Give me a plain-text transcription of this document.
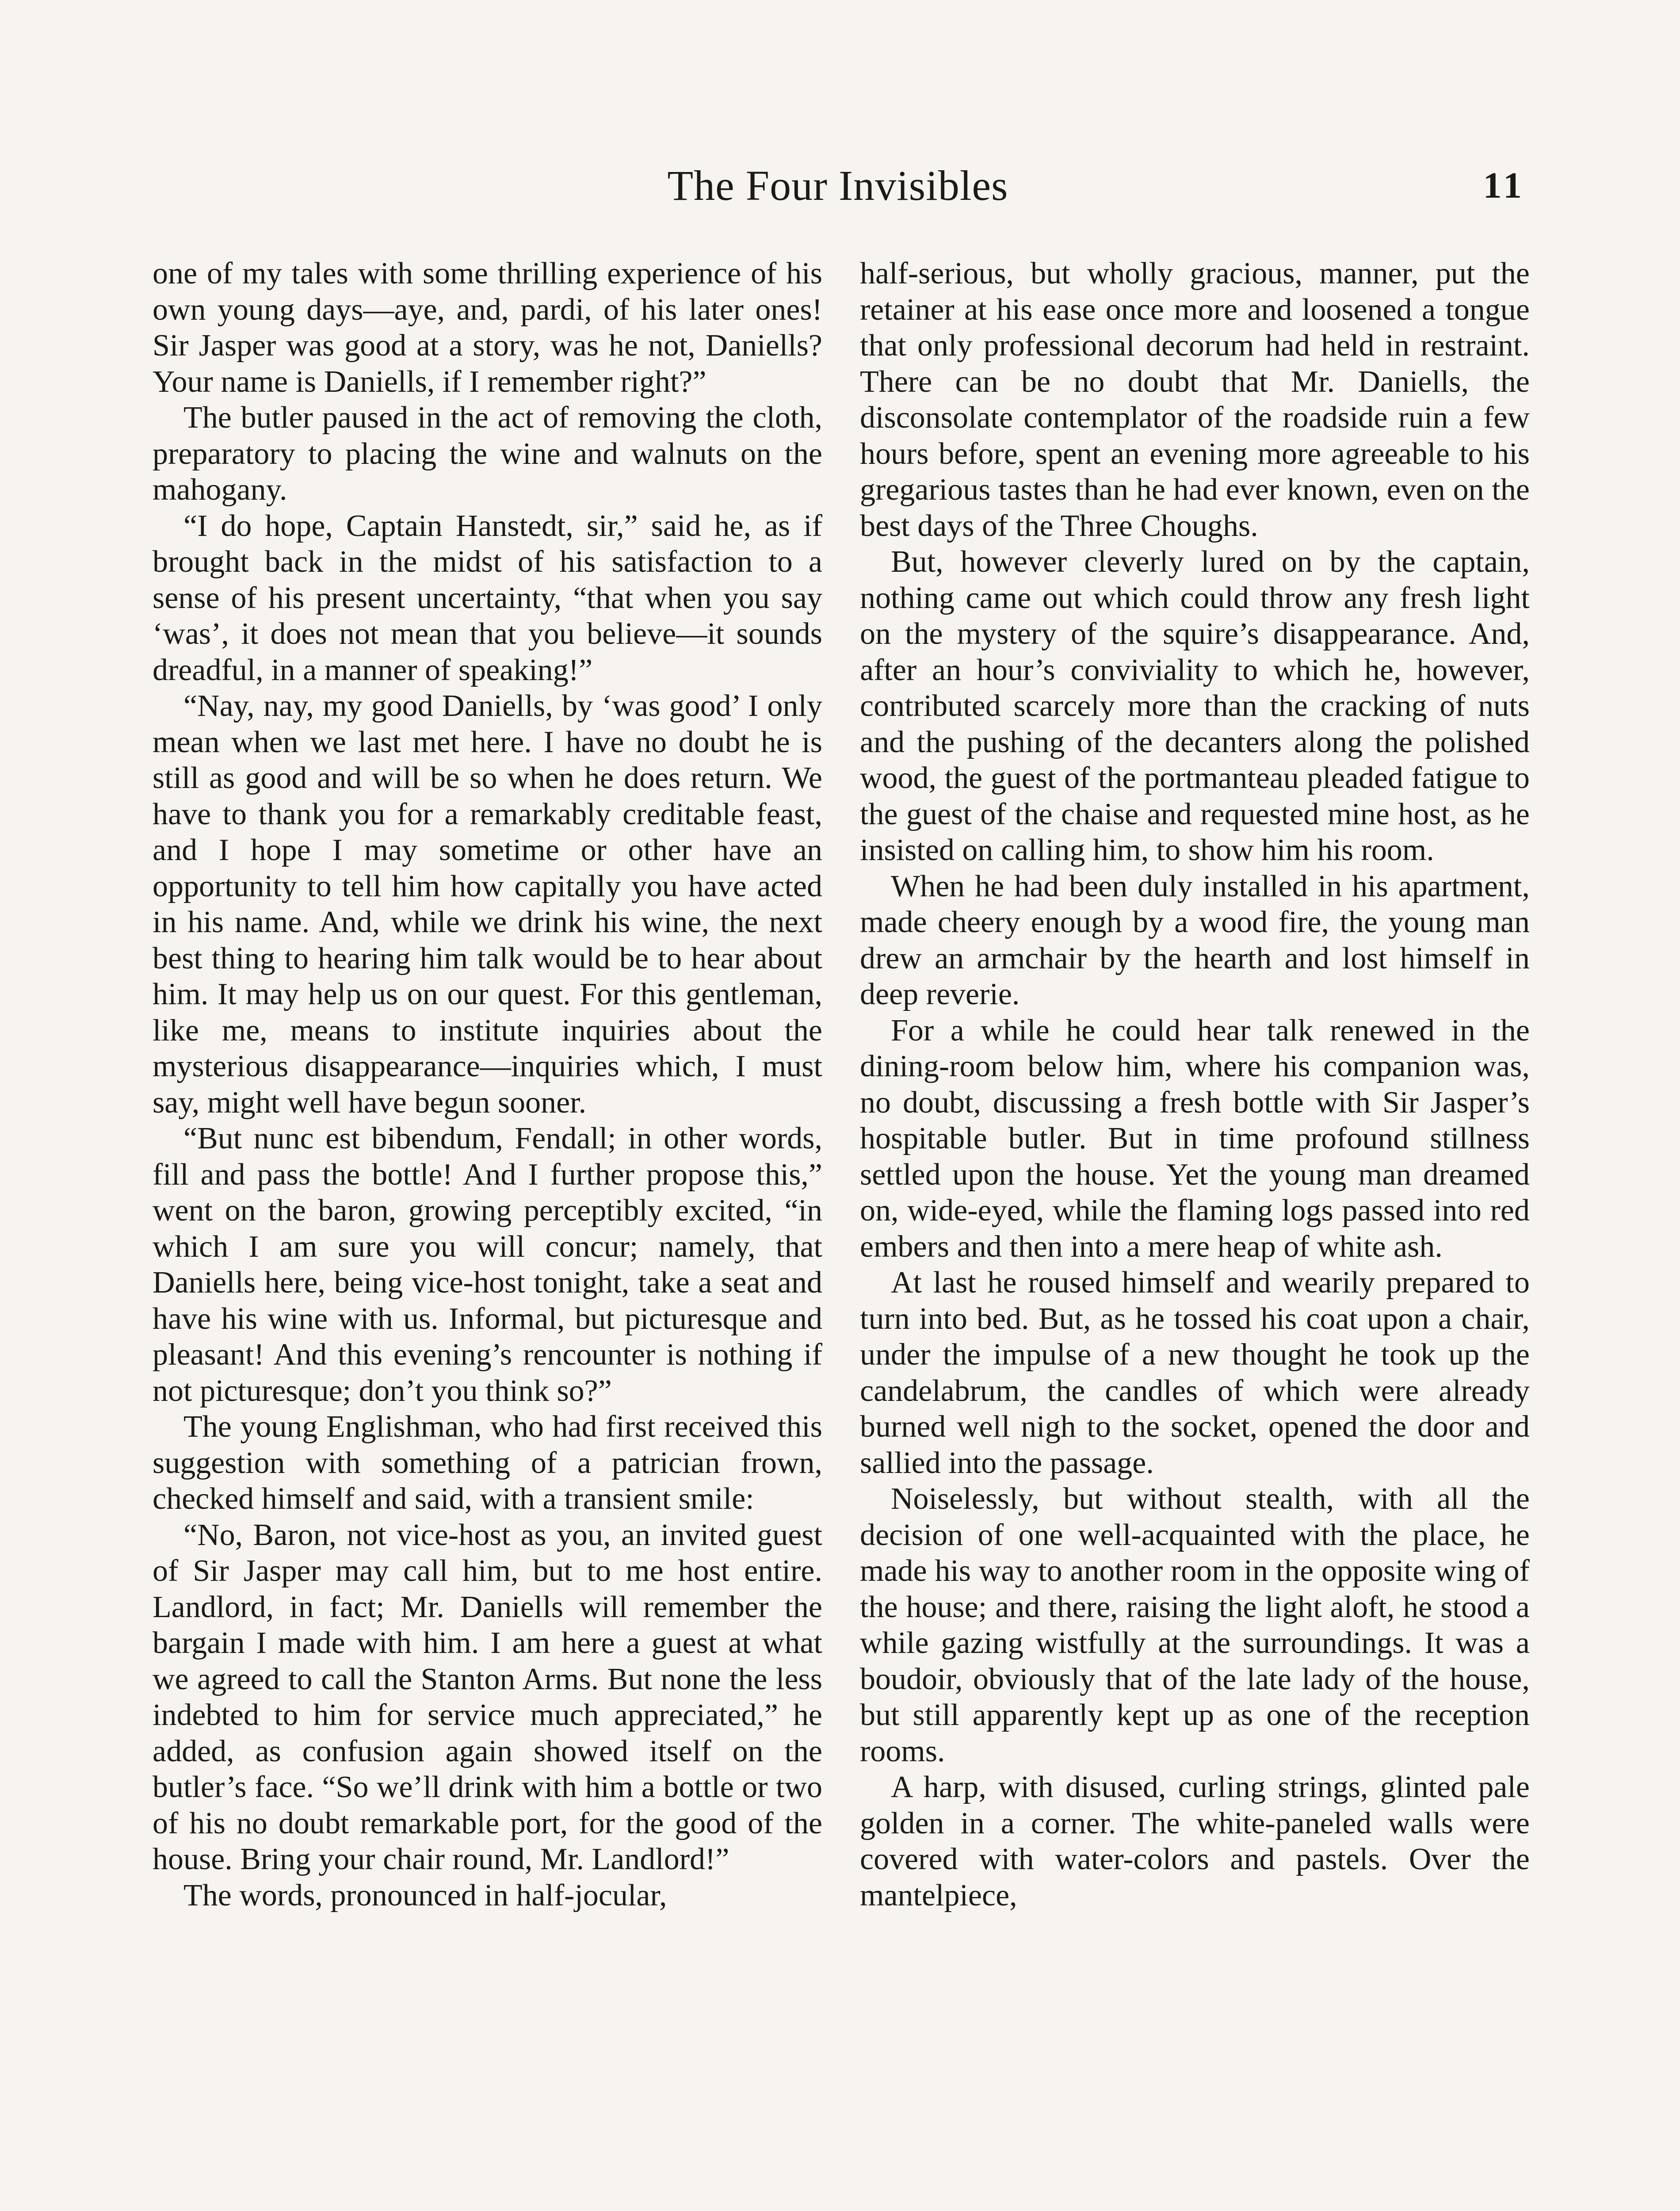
The Four Invisibles	11

one of my tales with some thrilling experience of his own young days—aye, and, pardi, of his later ones! Sir Jasper was good at a story, was he not, Daniells? Your name is Daniells, if I remember right?”

The butler paused in the act of removing the cloth, preparatory to placing the wine and walnuts on the mahogany.

“I do hope, Captain Hanstedt, sir,” said he, as if brought back in the midst of his satisfaction to a sense of his present uncertainty, “that when you say ‘was’, it does not mean that you believe—it sounds dreadful, in a manner of speaking!”

“Nay, nay, my good Daniells, by ‘was good’ I only mean when we last met here. I have no doubt he is still as good and will be so when he does return. We have to thank you for a remarkably creditable feast, and I hope I may sometime or other have an opportunity to tell him how capitally you have acted in his name. And, while we drink his wine, the next best thing to hearing him talk would be to hear about him. It may help us on our quest. For this gentleman, like me, means to institute inquiries about the mysterious disappearance—inquiries which, I must say, might well have begun sooner.

“But nunc est bibendum, Fendall; in other words, fill and pass the bottle! And I further propose this,” went on the baron, growing perceptibly excited, “in which I am sure you will concur; namely, that Daniells here, being vice-host tonight, take a seat and have his wine with us. Informal, but picturesque and pleasant! And this evening’s rencounter is nothing if not picturesque; don’t you think so?”

The young Englishman, who had first received this suggestion with something of a patrician frown, checked himself and said, with a transient smile:

“No, Baron, not vice-host as you, an invited guest of Sir Jasper may call him, but to me host entire. Landlord, in fact; Mr. Daniells will remember the bargain I made with him. I am here a guest at what we agreed to call the Stanton Arms. But none the less indebted to him for service much appreciated,” he added, as confusion again showed itself on the butler’s face. “So we’ll drink with him a bottle or two of his no doubt remarkable port, for the good of the house. Bring your chair round, Mr. Landlord!”

The words, pronounced in half-jocular,

half-serious, but wholly gracious, manner, put the retainer at his ease once more and loosened a tongue that only professional decorum had held in restraint. There can be no doubt that Mr. Daniells, the disconsolate contemplator of the roadside ruin a few hours before, spent an evening more agreeable to his gregarious tastes than he had ever known, even on the best days of the Three Choughs.

But, however cleverly lured on by the captain, nothing came out which could throw any fresh light on the mystery of the squire’s disappearance. And, after an hour’s conviviality to which he, however, contributed scarcely more than the cracking of nuts and the pushing of the decanters along the polished wood, the guest of the portmanteau pleaded fatigue to the guest of the chaise and requested mine host, as he insisted on calling him, to show him his room.

When he had been duly installed in his apartment, made cheery enough by a wood fire, the young man drew an armchair by the hearth and lost himself in deep reverie.

For a while he could hear talk renewed in the dining-room below him, where his companion was, no doubt, discussing a fresh bottle with Sir Jasper’s hospitable butler. But in time profound stillness settled upon the house. Yet the young man dreamed on, wide-eyed, while the flaming logs passed into red embers and then into a mere heap of white ash.

At last he roused himself and wearily prepared to turn into bed. But, as he tossed his coat upon a chair, under the impulse of a new thought he took up the candelabrum, the candles of which were already burned well nigh to the socket, opened the door and sallied into the passage.

Noiselessly, but without stealth, with all the decision of one well-acquainted with the place, he made his way to another room in the opposite wing of the house; and there, raising the light aloft, he stood a while gazing wistfully at the surroundings. It was a boudoir, obviously that of the late lady of the house, but still apparently kept up as one of the reception rooms.

A harp, with disused, curling strings, glinted pale golden in a corner. The white-paneled walls were covered with water-colors and pastels. Over the mantelpiece,
